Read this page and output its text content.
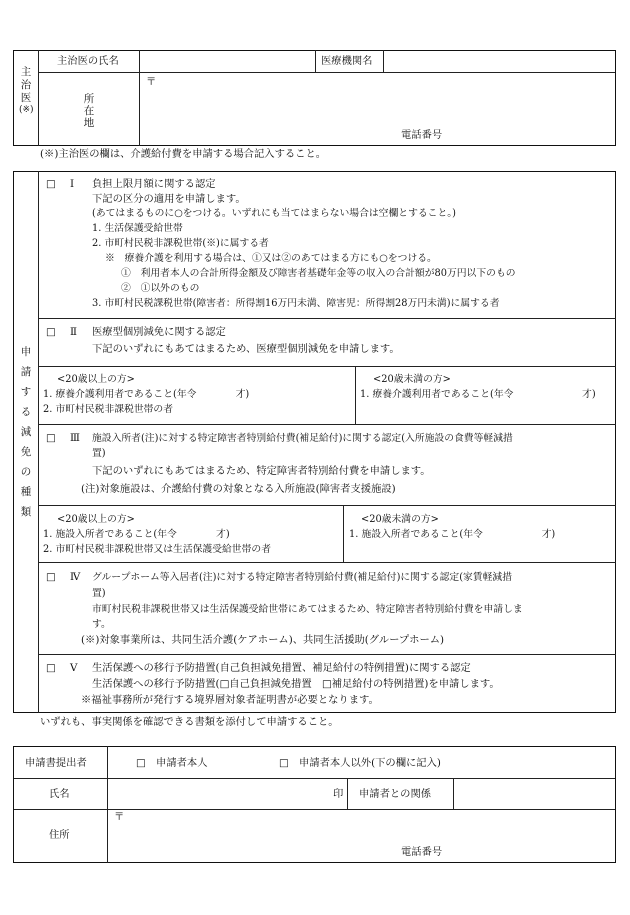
主
治
医
(※)
主治医の氏名	医療機関名
所
在
地
〒
電話番号
(※)主治医の欄は、介護給付費を申請する場合記入すること。
申
請
す
る
減
免
の
種
類
□ Ⅰ 負担上限月額に関する認定
下記の区分の適用を申請します。
(あてはまるものに○をつける。いずれにも当てはまらない場合は空欄とすること。)
1. 生活保護受給世帯
2. 市町村民税非課税世帯(※)に属する者
※　療養介護を利用する場合は、①又は②のあてはまる方にも○をつける。
①　利用者本人の合計所得金額及び障害者基礎年金等の収入の合計額が80万円以下のもの
②　①以外のもの
3. 市町村民税課税世帯(障害者：所得割16万円未満、障害児：所得割28万円未満)に属する者
□ Ⅱ 医療型個別減免に関する認定
下記のいずれにもあてはまるため、医療型個別減免を申請します。
<20歳以上の方>
1. 療養介護利用者であること(年令　　　　才)
2. 市町村民税非課税世帯の者
<20歳未満の方>
1. 療養介護利用者であること(年令　　　　　　　才)
□ Ⅲ 施設入所者(注)に対する特定障害者特別給付費(補足給付)に関する認定(入所施設の食費等軽減措
置)
下記のいずれにもあてはまるため、特定障害者特別給付費を申請します。
(注)対象施設は、介護給付費の対象となる入所施設(障害者支援施設)
<20歳以上の方>
1. 施設入所者であること(年令　　　　才)
2. 市町村民税非課税世帯又は生活保護受給世帯の者
<20歳未満の方>
1. 施設入所者であること(年令　　　　　　才)
□ Ⅳ グループホーム等入居者(注)に対する特定障害者特別給付費(補足給付)に関する認定(家賃軽減措
置)
市町村民税非課税世帯又は生活保護受給世帯にあてはまるため、特定障害者特別給付費を申請しま
す。
(※)対象事業所は、共同生活介護(ケアホーム)、共同生活援助(グループホーム)
□ Ⅴ 生活保護への移行予防措置(自己負担減免措置、補足給付の特例措置)に関する認定
生活保護への移行予防措置(□自己負担減免措置　□補足給付の特例措置)を申請します。
※福祉事務所が発行する境界層対象者証明書が必要となります。
いずれも、事実関係を確認できる書類を添付して申請すること。
申請書提出者	□　申請者本人	□　申請者本人以外(下の欄に記入)
氏名	印 申請者との関係
住所
〒
電話番号
